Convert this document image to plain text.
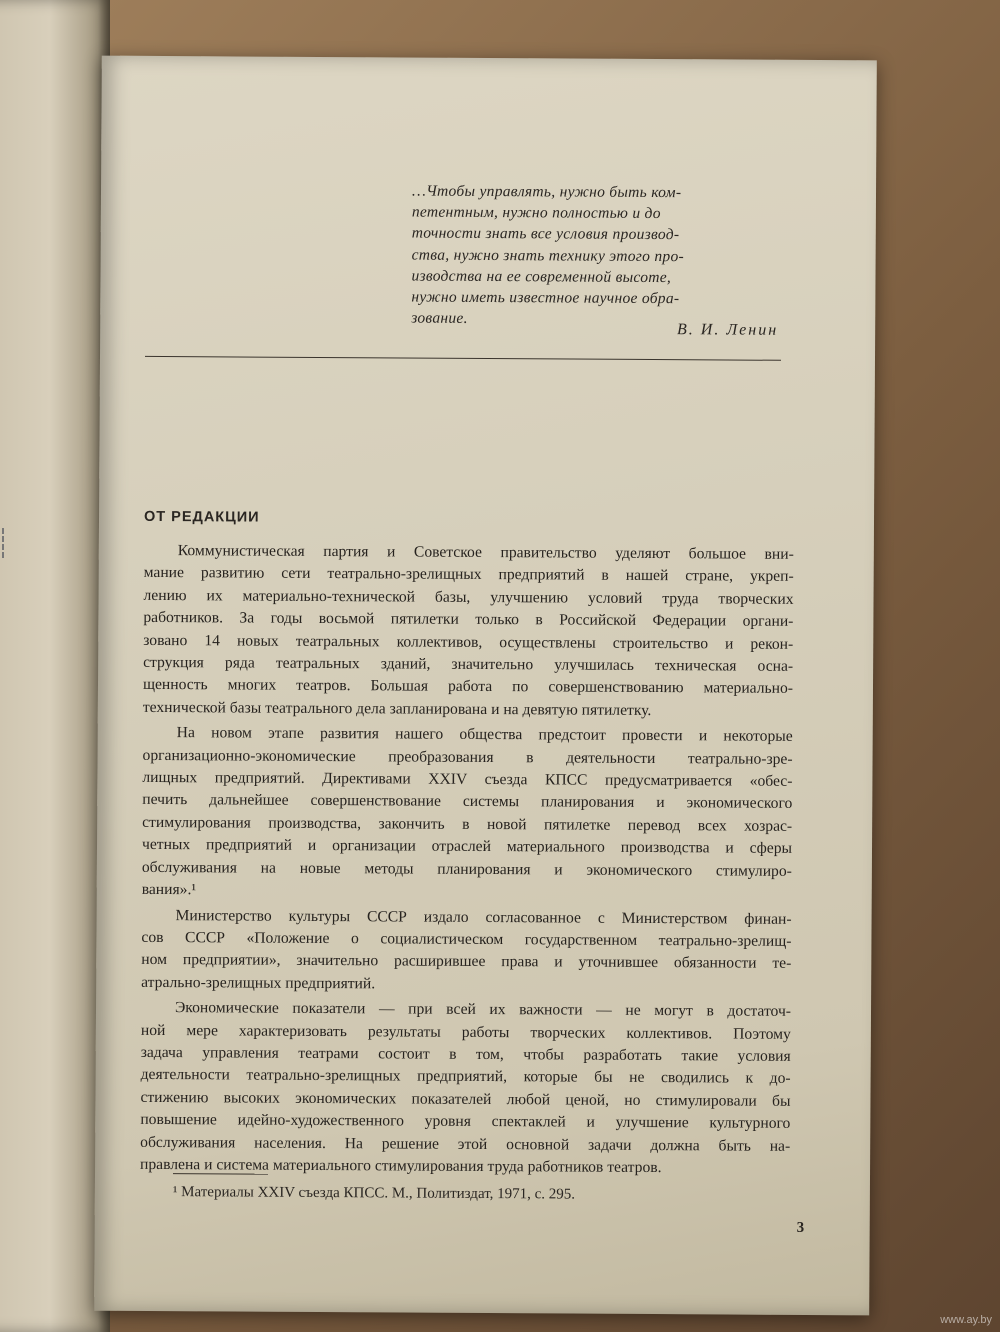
…Чтобы управлять, нужно быть ком-
петентным, нужно полностью и до
точности знать все условия производ-
ства, нужно знать технику этого про-
изводства на ее современной высоте,
нужно иметь известное научное обра-
зование.
В. И. Ленин
ОТ РЕДАКЦИИ
Коммунистическая партия и Советское правительство уделяют большое вни-
мание развитию сети театрально-зрелищных предприятий в нашей стране, укреп-
лению их материально-технической базы, улучшению условий труда творческих
работников. За годы восьмой пятилетки только в Российской Федерации органи-
зовано 14 новых театральных коллективов, осуществлены строительство и рекон-
струкция ряда театральных зданий, значительно улучшилась техническая осна-
щенность многих театров. Большая работа по совершенствованию материально-
технической базы театрального дела запланирована и на девятую пятилетку.
На новом этапе развития нашего общества предстоит провести и некоторые
организационно-экономические преобразования в деятельности театрально-зре-
лищных предприятий. Директивами XXIV съезда КПСС предусматривается «обес-
печить дальнейшее совершенствование системы планирования и экономического
стимулирования производства, закончить в новой пятилетке перевод всех хозрас-
четных предприятий и организации отраслей материального производства и сферы
обслуживания на новые методы планирования и экономического стимулиро-
вания».¹
Министерство культуры СССР издало согласованное с Министерством финан-
сов СССР «Положение о социалистическом государственном театрально-зрелищ-
ном предприятии», значительно расширившее права и уточнившее обязанности те-
атрально-зрелищных предприятий.
Экономические показатели — при всей их важности — не могут в достаточ-
ной мере характеризовать результаты работы творческих коллективов. Поэтому
задача управления театрами состоит в том, чтобы разработать такие условия
деятельности театрально-зрелищных предприятий, которые бы не сводились к до-
стижению высоких экономических показателей любой ценой, но стимулировали бы
повышение идейно-художественного уровня спектаклей и улучшение культурного
обслуживания населения. На решение этой основной задачи должна быть на-
правлена и система материального стимулирования труда работников театров.
¹ Материалы XXIV съезда КПСС. М., Политиздат, 1971, с. 295.
3
www.ay.by
